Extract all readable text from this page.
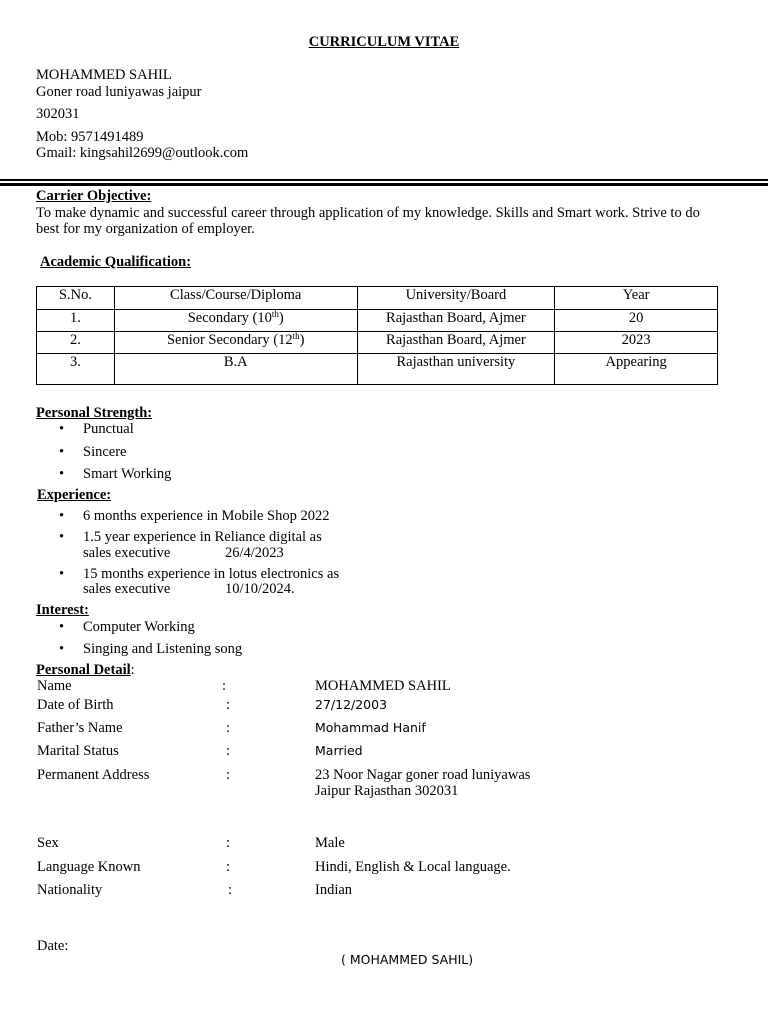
CURRICULUM VITAE
MOHAMMED SAHIL
Goner road luniyawas jaipur
302031
Mob: 9571491489
Gmail: kingsahil2699@outlook.com
Carrier Objective:
To make dynamic and successful career through application of my knowledge. Skills and Smart work. Strive to do best for my organization of employer.
Academic Qualification:
S.No.	Class/Course/Diploma	University/Board	Year
1.	Secondary (10th)	Rajasthan Board, Ajmer	20
2.	Senior Secondary (12th)	Rajasthan Board, Ajmer	2023
3.	B.A	Rajasthan university	Appearing
Personal Strength:
• Punctual
• Sincere
• Smart Working
Experience:
• 6 months experience in Mobile Shop 2022
• 1.5 year experience in Reliance digital as
sales executive	26/4/2023
• 15 months experience in lotus electronics as
sales executive	10/10/2024.
Interest:
• Computer Working
• Singing and Listening song
Personal Detail:
Name	:	MOHAMMED SAHIL
Date of Birth	:	27/12/2003
Father’s Name	:	Mohammad Hanif
Marital Status	:	Married
Permanent Address	:	23 Noor Nagar goner road luniyawas
Jaipur Rajasthan 302031
Sex	:	Male
Language Known	:	Hindi, English & Local language.
Nationality	:	Indian
Date:
( MOHAMMED SAHIL)
